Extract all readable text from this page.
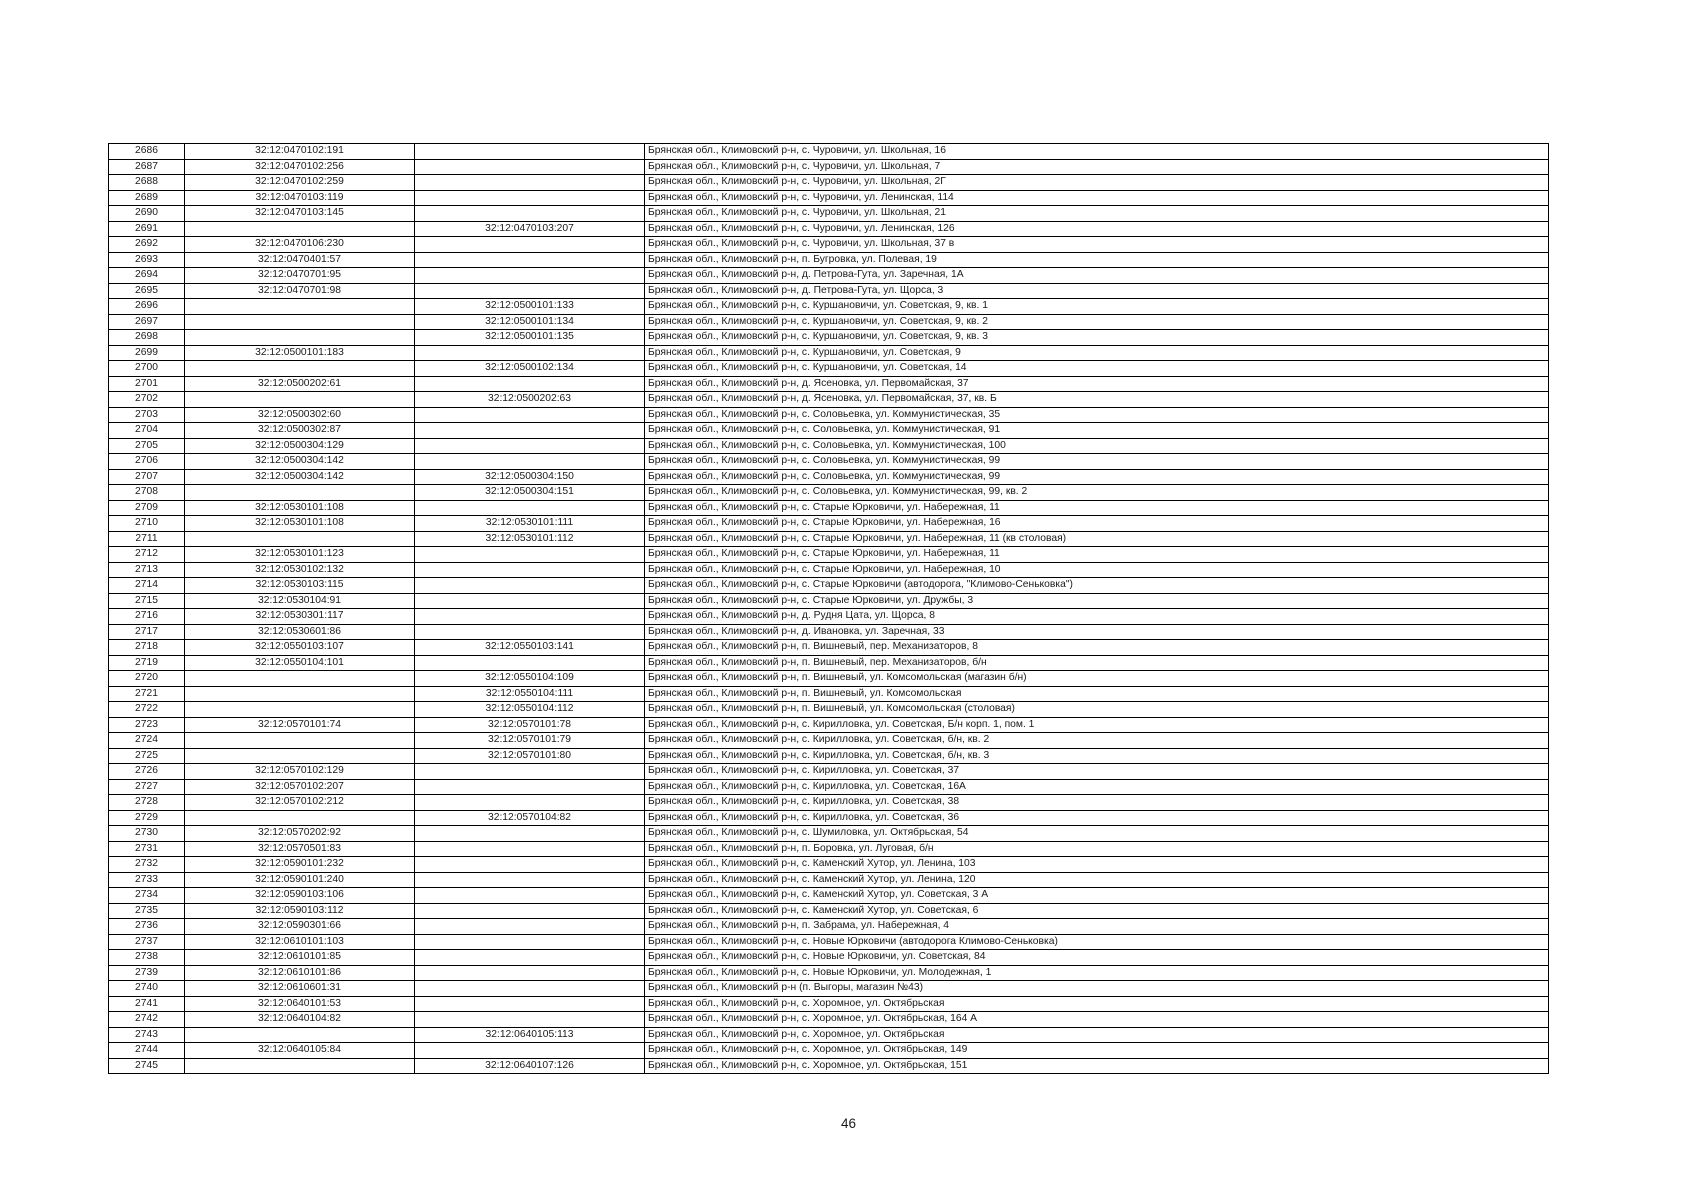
2686	32:12:0470102:191		Брянская обл., Климовский р-н, с. Чуровичи, ул. Школьная, 16
2687	32:12:0470102:256		Брянская обл., Климовский р-н, с. Чуровичи, ул. Школьная, 7
2688	32:12:0470102:259		Брянская обл., Климовский р-н, с. Чуровичи, ул. Школьная, 2Г
2689	32:12:0470103:119		Брянская обл., Климовский р-н, с. Чуровичи, ул. Ленинская, 114
2690	32:12:0470103:145		Брянская обл., Климовский р-н, с. Чуровичи, ул. Школьная, 21
2691		32:12:0470103:207	Брянская обл., Климовский р-н, с. Чуровичи, ул. Ленинская, 126
2692	32:12:0470106:230		Брянская обл., Климовский р-н, с. Чуровичи, ул. Школьная, 37 в
2693	32:12:0470401:57		Брянская обл., Климовский р-н, п. Бугровка, ул. Полевая, 19
2694	32:12:0470701:95		Брянская обл., Климовский р-н, д. Петрова-Гута, ул. Заречная, 1А
2695	32:12:0470701:98		Брянская обл., Климовский р-н, д. Петрова-Гута, ул. Щорса, 3
2696		32:12:0500101:133	Брянская обл., Климовский р-н, с. Куршановичи, ул. Советская, 9, кв. 1
2697		32:12:0500101:134	Брянская обл., Климовский р-н, с. Куршановичи, ул. Советская, 9, кв. 2
2698		32:12:0500101:135	Брянская обл., Климовский р-н, с. Куршановичи, ул. Советская, 9, кв. 3
2699	32:12:0500101:183		Брянская обл., Климовский р-н, с. Куршановичи, ул. Советская, 9
2700		32:12:0500102:134	Брянская обл., Климовский р-н, с. Куршановичи, ул. Советская, 14
2701	32:12:0500202:61		Брянская обл., Климовский р-н, д. Ясеновка, ул. Первомайская, 37
2702		32:12:0500202:63	Брянская обл., Климовский р-н, д. Ясеновка, ул. Первомайская, 37, кв. Б
2703	32:12:0500302:60		Брянская обл., Климовский р-н, с. Соловьевка, ул. Коммунистическая, 35
2704	32:12:0500302:87		Брянская обл., Климовский р-н, с. Соловьевка, ул. Коммунистическая, 91
2705	32:12:0500304:129		Брянская обл., Климовский р-н, с. Соловьевка, ул. Коммунистическая, 100
2706	32:12:0500304:142		Брянская обл., Климовский р-н, с. Соловьевка, ул. Коммунистическая, 99
2707	32:12:0500304:142	32:12:0500304:150	Брянская обл., Климовский р-н, с. Соловьевка, ул. Коммунистическая, 99
2708		32:12:0500304:151	Брянская обл., Климовский р-н, с. Соловьевка, ул. Коммунистическая, 99, кв. 2
2709	32:12:0530101:108		Брянская обл., Климовский р-н, с. Старые Юрковичи, ул. Набережная, 11
2710	32:12:0530101:108	32:12:0530101:111	Брянская обл., Климовский р-н, с. Старые Юрковичи, ул. Набережная, 16
2711		32:12:0530101:112	Брянская обл., Климовский р-н, с. Старые Юрковичи, ул. Набережная, 11 (кв столовая)
2712	32:12:0530101:123		Брянская обл., Климовский р-н, с. Старые Юрковичи, ул. Набережная, 11
2713	32:12:0530102:132		Брянская обл., Климовский р-н, с. Старые Юрковичи, ул. Набережная, 10
2714	32:12:0530103:115		Брянская обл., Климовский р-н, с. Старые Юрковичи (автодорога, "Климово-Сеньковка")
2715	32:12:0530104:91		Брянская обл., Климовский р-н, с. Старые Юрковичи, ул. Дружбы, 3
2716	32:12:0530301:117		Брянская обл., Климовский р-н, д. Рудня Цата, ул. Щорса, 8
2717	32:12:0530601:86		Брянская обл., Климовский р-н, д. Ивановка, ул. Заречная, 33
2718	32:12:0550103:107	32:12:0550103:141	Брянская обл., Климовский р-н, п. Вишневый, пер. Механизаторов, 8
2719	32:12:0550104:101		Брянская обл., Климовский р-н, п. Вишневый, пер. Механизаторов, б/н
2720		32:12:0550104:109	Брянская обл., Климовский р-н, п. Вишневый, ул. Комсомольская (магазин б/н)
2721		32:12:0550104:111	Брянская обл., Климовский р-н, п. Вишневый, ул. Комсомольская
2722		32:12:0550104:112	Брянская обл., Климовский р-н, п. Вишневый, ул. Комсомольская (столовая)
2723	32:12:0570101:74	32:12:0570101:78	Брянская обл., Климовский р-н, с. Кирилловка, ул. Советская, Б/н корп. 1, пом. 1
2724		32:12:0570101:79	Брянская обл., Климовский р-н, с. Кирилловка, ул. Советская, б/н, кв. 2
2725		32:12:0570101:80	Брянская обл., Климовский р-н, с. Кирилловка, ул. Советская, б/н, кв. 3
2726	32:12:0570102:129		Брянская обл., Климовский р-н, с. Кирилловка, ул. Советская, 37
2727	32:12:0570102:207		Брянская обл., Климовский р-н, с. Кирилловка, ул. Советская, 16А
2728	32:12:0570102:212		Брянская обл., Климовский р-н, с. Кирилловка, ул. Советская, 38
2729		32:12:0570104:82	Брянская обл., Климовский р-н, с. Кирилловка, ул. Советская, 36
2730	32:12:0570202:92		Брянская обл., Климовский р-н, с. Шумиловка, ул. Октябрьская, 54
2731	32:12:0570501:83		Брянская обл., Климовский р-н, п. Боровка, ул. Луговая, б/н
2732	32:12:0590101:232		Брянская обл., Климовский р-н, с. Каменский Хутор, ул. Ленина, 103
2733	32:12:0590101:240		Брянская обл., Климовский р-н, с. Каменский Хутор, ул. Ленина, 120
2734	32:12:0590103:106		Брянская обл., Климовский р-н, с. Каменский Хутор, ул. Советская, 3 А
2735	32:12:0590103:112		Брянская обл., Климовский р-н, с. Каменский Хутор, ул. Советская, 6
2736	32:12:0590301:66		Брянская обл., Климовский р-н, п. Забрама, ул. Набережная, 4
2737	32:12:0610101:103		Брянская обл., Климовский р-н, с. Новые Юрковичи (автодорога Климово-Сеньковка)
2738	32:12:0610101:85		Брянская обл., Климовский р-н, с. Новые Юрковичи, ул. Советская, 84
2739	32:12:0610101:86		Брянская обл., Климовский р-н, с. Новые Юрковичи, ул. Молодежная, 1
2740	32:12:0610601:31		Брянская обл., Климовский р-н (п. Выгоры, магазин №43)
2741	32:12:0640101:53		Брянская обл., Климовский р-н, с. Хоромное, ул. Октябрьская
2742	32:12:0640104:82		Брянская обл., Климовский р-н, с. Хоромное, ул. Октябрьская, 164 А
2743		32:12:0640105:113	Брянская обл., Климовский р-н, с. Хоромное, ул. Октябрьская
2744	32:12:0640105:84		Брянская обл., Климовский р-н, с. Хоромное, ул. Октябрьская, 149
2745		32:12:0640107:126	Брянская обл., Климовский р-н, с. Хоромное, ул. Октябрьская, 151
46
